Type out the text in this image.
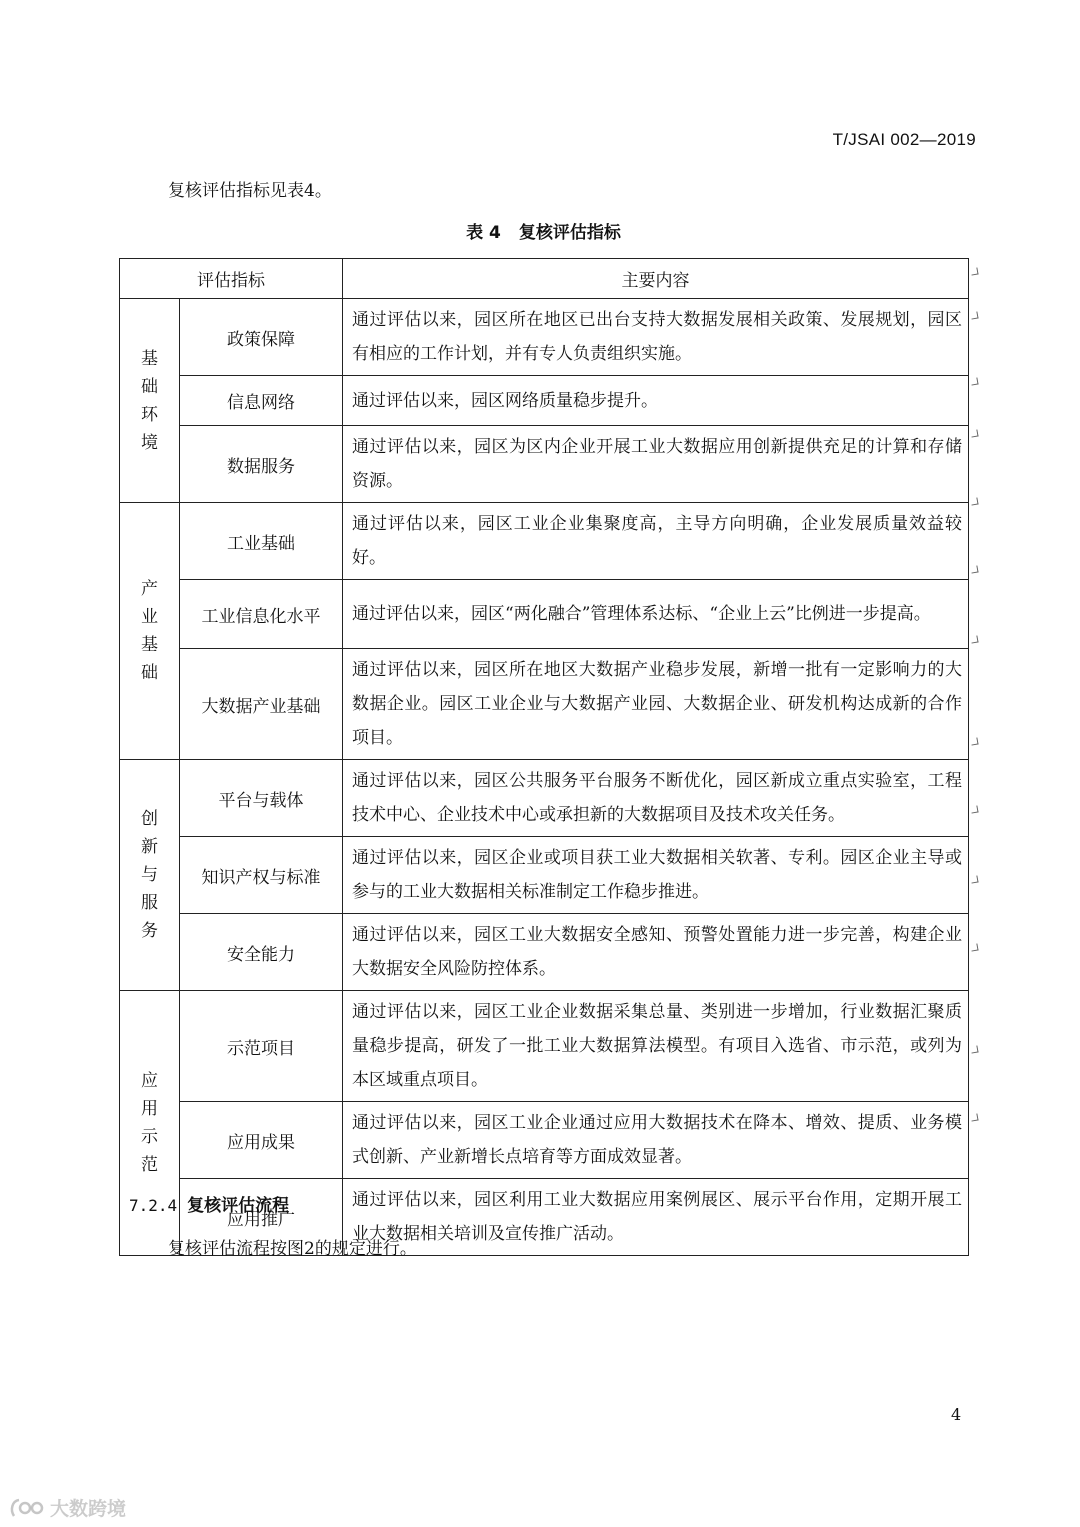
T/JSAI 002—2019
复核评估指标见表4。
表 4 复核评估指标
评估指标		主要内容

基
础
环
境	政策保障	通过评估以来，园区所在地区已出台支持大数据发展相关政策、发展规划，园区有相应的工作计划，并有专人负责组织实施。
	信息网络	通过评估以来，园区网络质量稳步提升。
	数据服务	通过评估以来，园区为区内企业开展工业大数据应用创新提供充足的计算和存储资源。

产
业
基
础	工业基础	通过评估以来，园区工业企业集聚度高，主导方向明确，企业发展质量效益较好。
	工业信息化水平	通过评估以来，园区“两化融合”管理体系达标、“企业上云”比例进一步提高。
	大数据产业基础	通过评估以来，园区所在地区大数据产业稳步发展，新增一批有一定影响力的大数据企业。园区工业企业与大数据产业园、大数据企业、研发机构达成新的合作项目。

创
新
与
服
务	平台与载体	通过评估以来，园区公共服务平台服务不断优化，园区新成立重点实验室，工程技术中心、企业技术中心或承担新的大数据项目及技术攻关任务。
	知识产权与标准	通过评估以来，园区企业或项目获工业大数据相关软著、专利。园区企业主导或参与的工业大数据相关标准制定工作稳步推进。
	安全能力	通过评估以来，园区工业大数据安全感知、预警处置能力进一步完善，构建企业大数据安全风险防控体系。

应
用
示
范	示范项目	通过评估以来，园区工业企业数据采集总量、类别进一步增加，行业数据汇聚质量稳步提高，研发了一批工业大数据算法模型。有项目入选省、市示范，或列为本区域重点项目。
	应用成果	通过评估以来，园区工业企业通过应用大数据技术在降本、增效、提质、业务模式创新、产业新增长点培育等方面成效显著。
	应用推广	通过评估以来，园区利用工业大数据应用案例展区、展示平台作用，定期开展工业大数据相关培训及宣传推广活动。
7.2.4 复核评估流程
复核评估流程按图2的规定进行。
4
大数跨境
